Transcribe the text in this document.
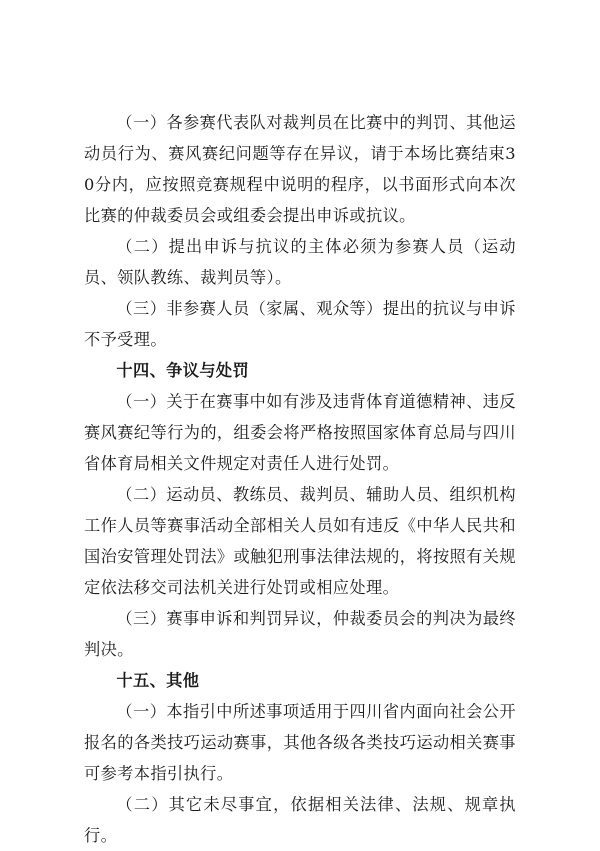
（一）各参赛代表队对裁判员在比赛中的判罚、其他运动员行为、赛风赛纪问题等存在异议，请于本场比赛结束30分内，应按照竞赛规程中说明的程序，以书面形式向本次比赛的仲裁委员会或组委会提出申诉或抗议。

（二）提出申诉与抗议的主体必须为参赛人员（运动员、领队教练、裁判员等）。

（三）非参赛人员（家属、观众等）提出的抗议与申诉不予受理。

十四、争议与处罚

（一）关于在赛事中如有涉及违背体育道德精神、违反赛风赛纪等行为的，组委会将严格按照国家体育总局与四川省体育局相关文件规定对责任人进行处罚。

（二）运动员、教练员、裁判员、辅助人员、组织机构工作人员等赛事活动全部相关人员如有违反《中华人民共和国治安管理处罚法》或触犯刑事法律法规的，将按照有关规定依法移交司法机关进行处罚或相应处理。

（三）赛事申诉和判罚异议，仲裁委员会的判决为最终判决。

十五、其他

（一）本指引中所述事项适用于四川省内面向社会公开报名的各类技巧运动赛事，其他各级各类技巧运动相关赛事可参考本指引执行。

（二）其它未尽事宜，依据相关法律、法规、规章执行。
